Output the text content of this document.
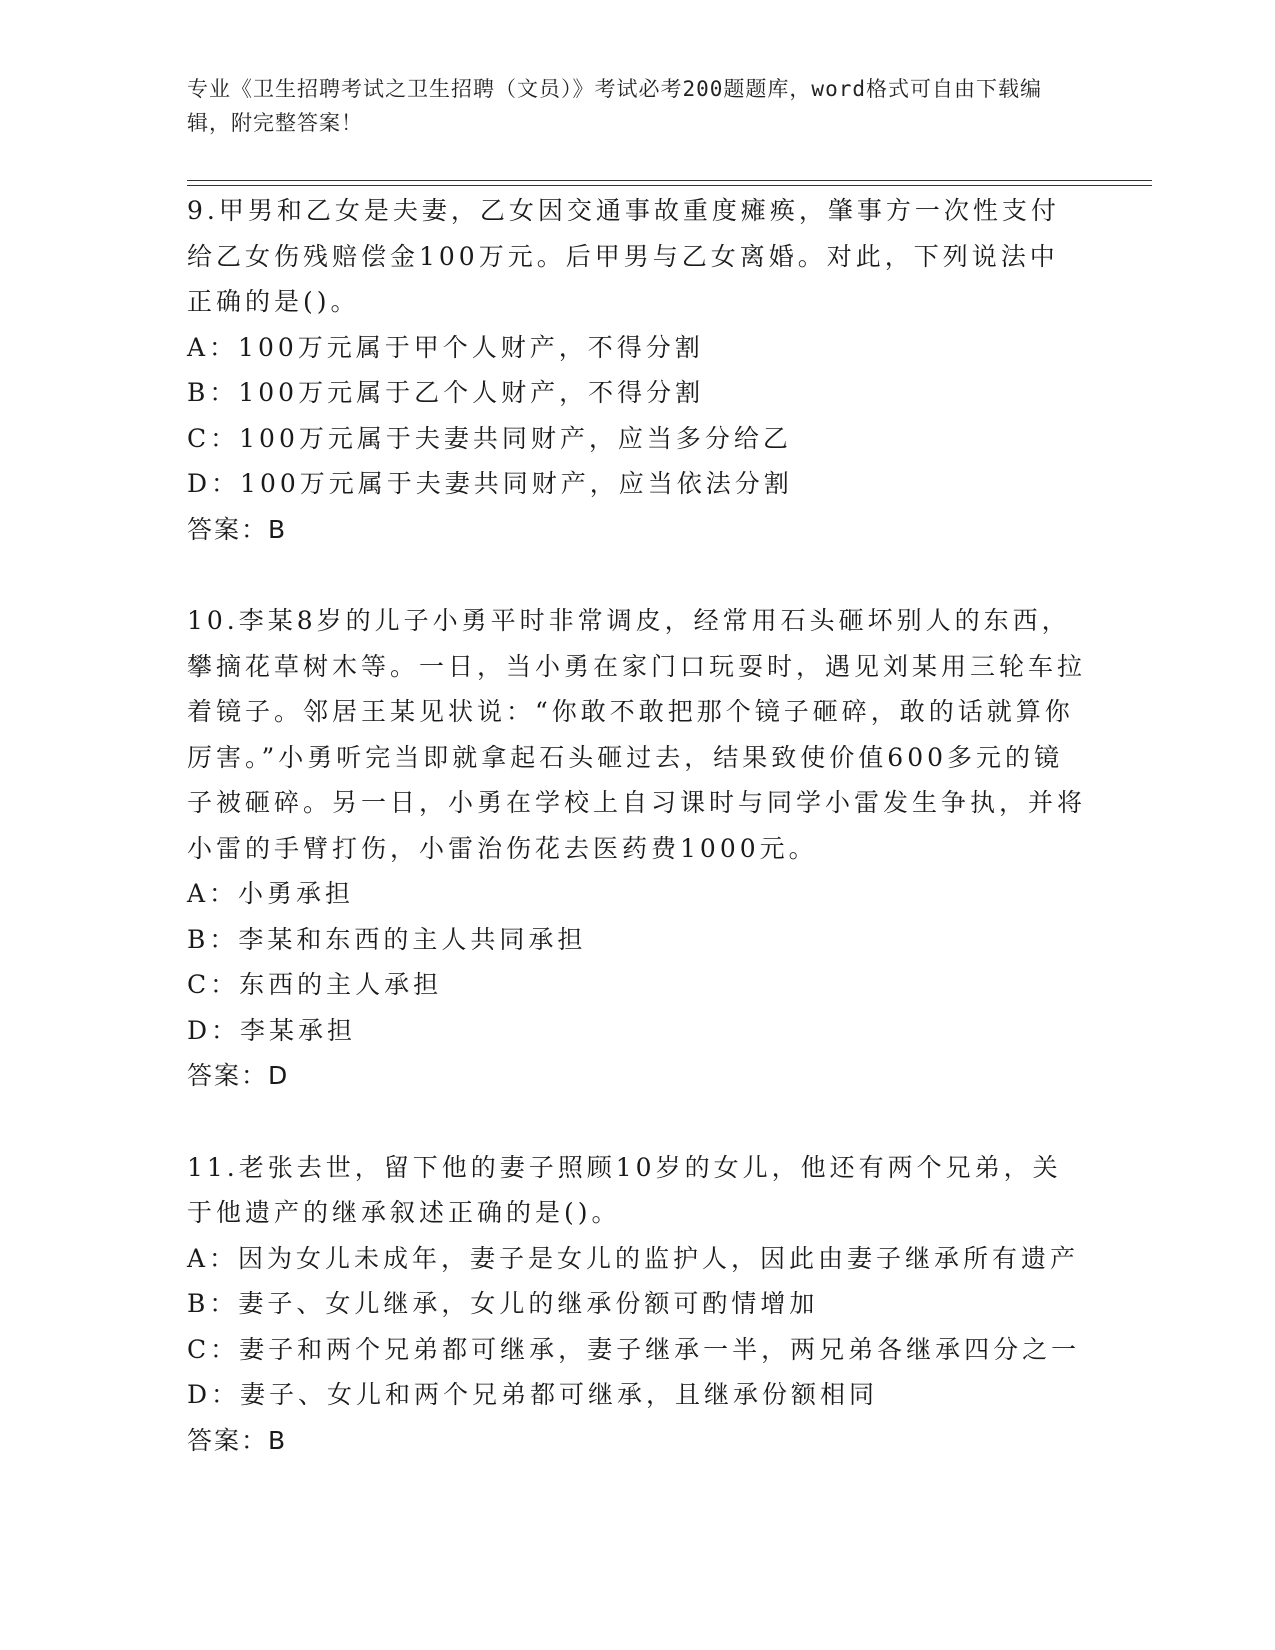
专业《卫生招聘考试之卫生招聘（文员）》考试必考200题题库，word格式可自由下载编辑，附完整答案！

9.甲男和乙女是夫妻，乙女因交通事故重度瘫痪，肇事方一次性支付给乙女伤残赔偿金100万元。后甲男与乙女离婚。对此，下列说法中正确的是()。

A：100万元属于甲个人财产，不得分割

B：100万元属于乙个人财产，不得分割

C：100万元属于夫妻共同财产，应当多分给乙

D：100万元属于夫妻共同财产，应当依法分割

答案：B

10.李某8岁的儿子小勇平时非常调皮，经常用石头砸坏别人的东西，攀摘花草树木等。一日，当小勇在家门口玩耍时，遇见刘某用三轮车拉着镜子。邻居王某见状说：“你敢不敢把那个镜子砸碎，敢的话就算你厉害。”小勇听完当即就拿起石头砸过去，结果致使价值600多元的镜子被砸碎。另一日，小勇在学校上自习课时与同学小雷发生争执，并将小雷的手臂打伤，小雷治伤花去医药费1000元。

A：小勇承担

B：李某和东西的主人共同承担

C：东西的主人承担

D：李某承担

答案：D

11.老张去世，留下他的妻子照顾10岁的女儿，他还有两个兄弟，关于他遗产的继承叙述正确的是()。

A：因为女儿未成年，妻子是女儿的监护人，因此由妻子继承所有遗产

B：妻子、女儿继承，女儿的继承份额可酌情增加

C：妻子和两个兄弟都可继承，妻子继承一半，两兄弟各继承四分之一

D：妻子、女儿和两个兄弟都可继承，且继承份额相同

答案：B
